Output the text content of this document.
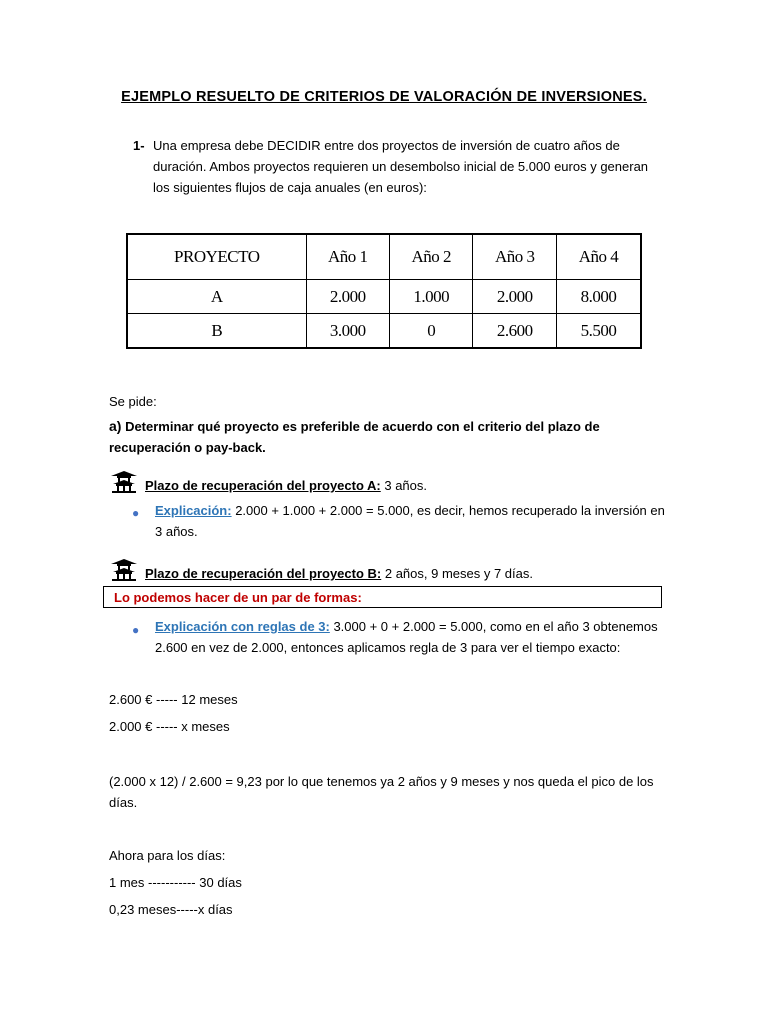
EJEMPLO RESUELTO DE CRITERIOS DE VALORACIÓN DE INVERSIONES.
1- Una empresa debe DECIDIR entre dos proyectos de inversión de cuatro años de duración. Ambos proyectos requieren un desembolso inicial de 5.000 euros y generan los siguientes flujos de caja anuales (en euros):
PROYECTO	Año 1	Año 2	Año 3	Año 4
A	2.000	1.000	2.000	8.000
B	3.000	0	2.600	5.500
Se pide:
a) Determinar qué proyecto es preferible de acuerdo con el criterio del plazo de recuperación o pay-back.
Plazo de recuperación del proyecto A: 3 años.
● Explicación: 2.000 + 1.000 + 2.000 = 5.000, es decir, hemos recuperado la inversión en 3 años.
Plazo de recuperación del proyecto B: 2 años, 9 meses y 7 días.
Lo podemos hacer de un par de formas:
● Explicación con reglas de 3: 3.000 + 0 + 2.000 = 5.000, como en el año 3 obtenemos 2.600 en vez de 2.000, entonces aplicamos regla de 3 para ver el tiempo exacto:
2.600 € ----- 12 meses
2.000 € ----- x meses
(2.000 x 12) / 2.600 = 9,23 por lo que tenemos ya 2 años y 9 meses y nos queda el pico de los días.
Ahora para los días:
1 mes ----------- 30 días
0,23 meses-----x días
